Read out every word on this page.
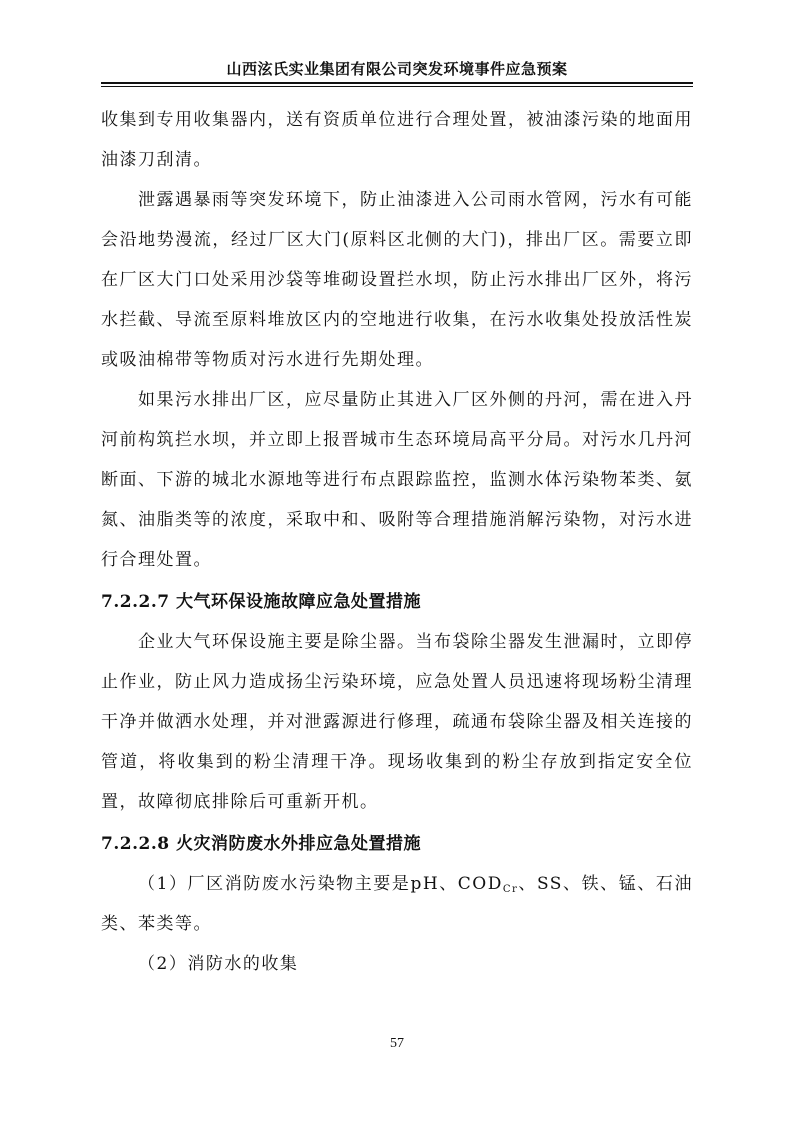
山西泫氏实业集团有限公司突发环境事件应急预案

收集到专用收集器内，送有资质单位进行合理处置，被油漆污染的地面用油漆刀刮清。

泄露遇暴雨等突发环境下，防止油漆进入公司雨水管网，污水有可能会沿地势漫流，经过厂区大门(原料区北侧的大门)，排出厂区。需要立即在厂区大门口处采用沙袋等堆砌设置拦水坝，防止污水排出厂区外，将污水拦截、导流至原料堆放区内的空地进行收集，在污水收集处投放活性炭或吸油棉带等物质对污水进行先期处理。

如果污水排出厂区，应尽量防止其进入厂区外侧的丹河，需在进入丹河前构筑拦水坝，并立即上报晋城市生态环境局高平分局。对污水几丹河断面、下游的城北水源地等进行布点跟踪监控，监测水体污染物苯类、氨氮、油脂类等的浓度，采取中和、吸附等合理措施消解污染物，对污水进行合理处置。

7.2.2.7 大气环保设施故障应急处置措施

企业大气环保设施主要是除尘器。当布袋除尘器发生泄漏时，立即停止作业，防止风力造成扬尘污染环境，应急处置人员迅速将现场粉尘清理干净并做洒水处理，并对泄露源进行修理，疏通布袋除尘器及相关连接的管道，将收集到的粉尘清理干净。现场收集到的粉尘存放到指定安全位置，故障彻底排除后可重新开机。

7.2.2.8 火灾消防废水外排应急处置措施

（1）厂区消防废水污染物主要是pH、$COD_{Cr}$、SS、铁、锰、石油类、苯类等。

（2）消防水的收集

57
